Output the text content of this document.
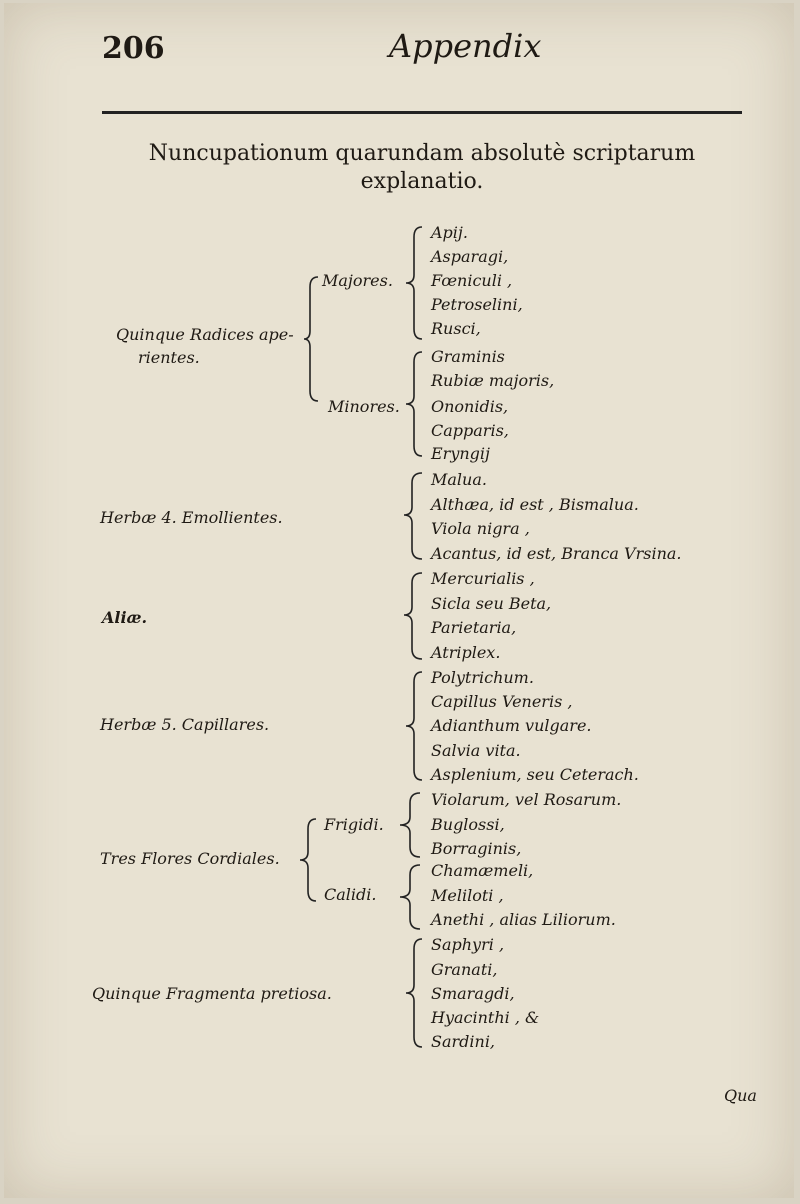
206	Appendix
Nuncupationum quarundam absolutè scriptarum
explanatio.
Quinque Radices ape-
rientes.
Majores.
Apij.
Asparagi,
Fœniculi ,
Petroselini,
Rusci,
Minores.
Graminis
Rubiæ majoris,
Ononidis,
Capparis,
Eryngij
Herbæ 4. Emollientes.
Malua.
Althæa, id est , Bismalua.
Viola nigra ,
Acantus, id est, Branca Vrsina.
Aliæ.
Mercurialis ,
Sicla seu Beta,
Parietaria,
Atriplex.
Herbæ 5. Capillares.
Polytrichum.
Capillus Veneris ,
Adianthum vulgare.
Salvia vita.
Asplenium, seu Ceterach.
Tres Flores Cordiales.
Frigidi.
Violarum, vel Rosarum.
Buglossi,
Borraginis,
Calidi.
Chamæmeli,
Meliloti ,
Anethi , alias Liliorum.
Quinque Fragmenta pretiosa.
Saphyri ,
Granati,
Smaragdi,
Hyacinthi , &
Sardini,
Qua
